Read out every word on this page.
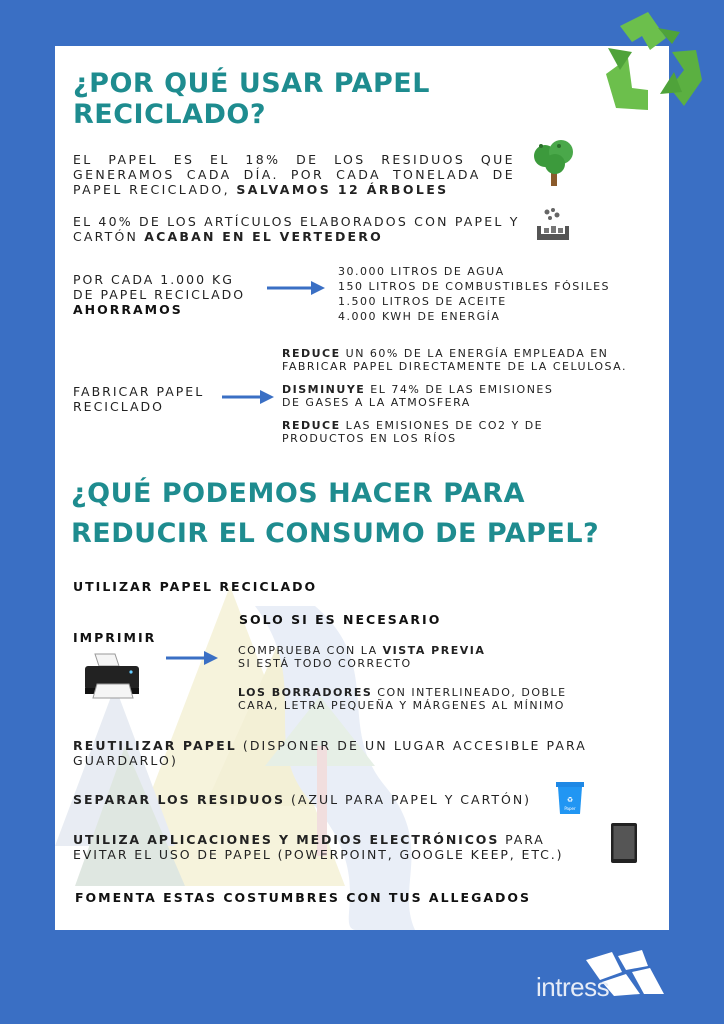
¿POR QUÉ USAR PAPEL RECICLADO?
EL PAPEL ES EL 18% DE LOS RESIDUOS QUE GENERAMOS CADA DÍA. POR CADA TONELADA DE PAPEL RECICLADO, SALVAMOS 12 ÁRBOLES
EL 40% DE LOS ARTÍCULOS ELABORADOS CON PAPEL Y CARTÓN ACABAN EN EL VERTEDERO
POR CADA 1.000 KG
DE PAPEL RECICLADO
AHORRAMOS
30.000 LITROS DE AGUA
150 LITROS DE COMBUSTIBLES FÓSILES
1.500 LITROS DE ACEITE
4.000 KWH DE ENERGÍA
FABRICAR PAPEL
RECICLADO
REDUCE UN 60% DE LA ENERGÍA EMPLEADA EN FABRICAR PAPEL DIRECTAMENTE DE LA CELULOSA.
DISMINUYE EL 74% DE LAS EMISIONES DE GASES A LA ATMOSFERA
REDUCE LAS EMISIONES DE CO2 Y DE PRODUCTOS EN LOS RÍOS
¿QUÉ PODEMOS HACER PARA
REDUCIR EL CONSUMO DE PAPEL?
UTILIZAR PAPEL RECICLADO
SOLO SI ES NECESARIO
IMPRIMIR
COMPRUEBA CON LA VISTA PREVIA
SI ESTÁ TODO CORRECTO
LOS BORRADORES CON INTERLINEADO, DOBLE CARA, LETRA PEQUEÑA Y MÁRGENES AL MÍNIMO
REUTILIZAR PAPEL (DISPONER DE UN LUGAR ACCESIBLE PARA GUARDARLO)
SEPARAR LOS RESIDUOS (AZUL PARA PAPEL Y CARTÓN)	♻
Paper
UTILIZA APLICACIONES Y MEDIOS ELECTRÓNICOS PARA EVITAR EL USO DE PAPEL (POWERPOINT, GOOGLE KEEP, ETC.)
FOMENTA ESTAS COSTUMBRES CON TUS ALLEGADOS
intress
